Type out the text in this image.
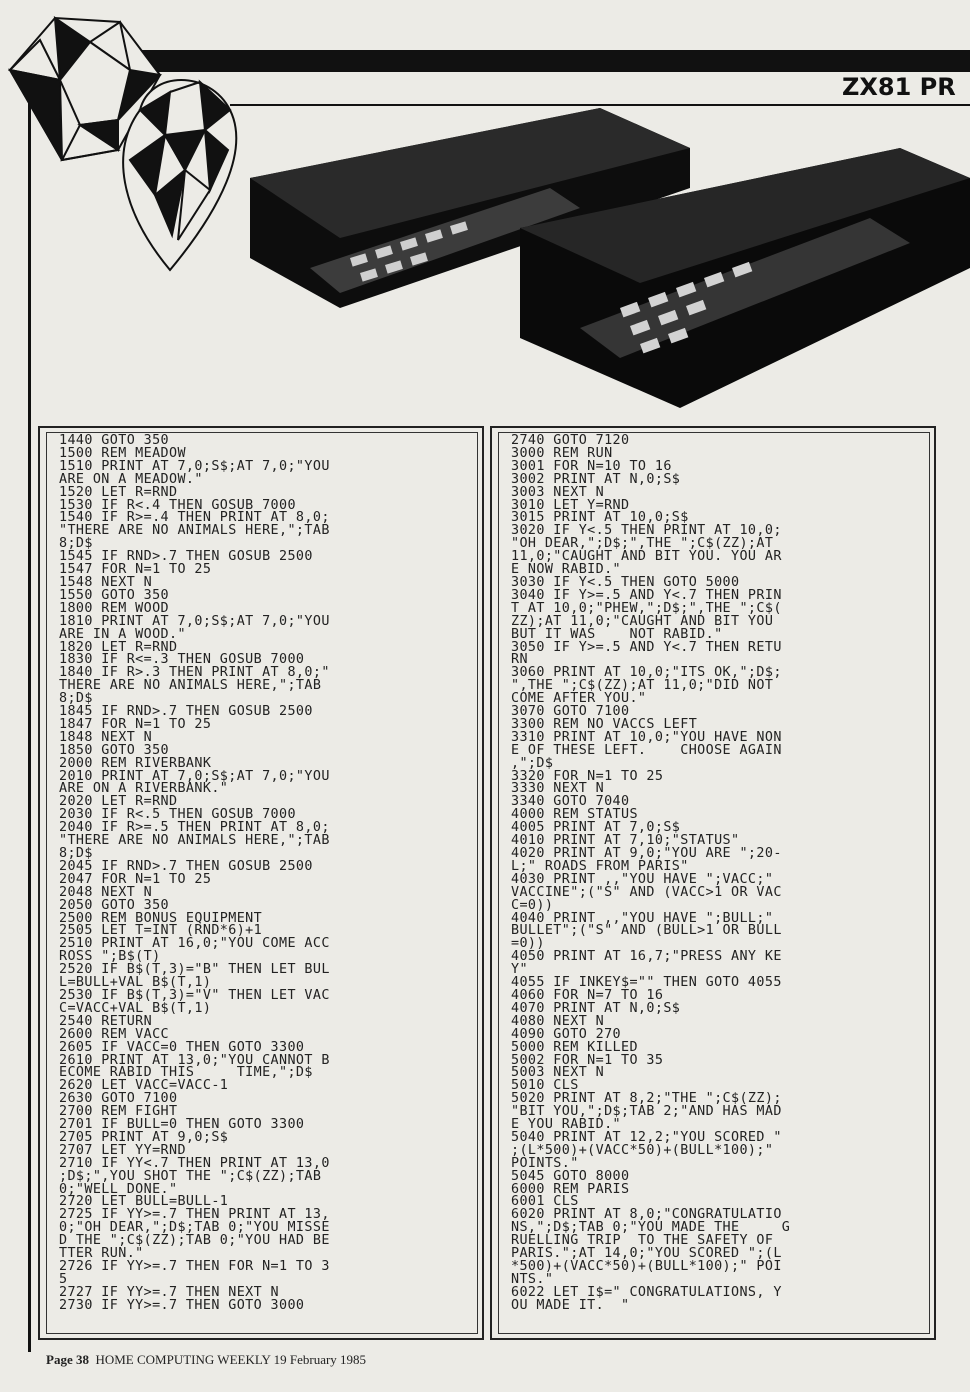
ZX81 PR
1440 GOTO 350
1500 REM MEADOW
1510 PRINT AT 7,0;S$;AT 7,0;"YOU
ARE ON A MEADOW."
1520 LET R=RND
1530 IF R<.4 THEN GOSUB 7000
1540 IF R>=.4 THEN PRINT AT 8,0;
"THERE ARE NO ANIMALS HERE,";TAB
8;D$
1545 IF RND>.7 THEN GOSUB 2500
1547 FOR N=1 TO 25
1548 NEXT N
1550 GOTO 350
1800 REM WOOD
1810 PRINT AT 7,0;S$;AT 7,0;"YOU
ARE IN A WOOD."
1820 LET R=RND
1830 IF R<=.3 THEN GOSUB 7000
1840 IF R>.3 THEN PRINT AT 8,0;"
THERE ARE NO ANIMALS HERE,";TAB
8;D$
1845 IF RND>.7 THEN GOSUB 2500
1847 FOR N=1 TO 25
1848 NEXT N
1850 GOTO 350
2000 REM RIVERBANK
2010 PRINT AT 7,0;S$;AT 7,0;"YOU
ARE ON A RIVERBANK."
2020 LET R=RND
2030 IF R<.5 THEN GOSUB 7000
2040 IF R>=.5 THEN PRINT AT 8,0;
"THERE ARE NO ANIMALS HERE,";TAB
8;D$
2045 IF RND>.7 THEN GOSUB 2500
2047 FOR N=1 TO 25
2048 NEXT N
2050 GOTO 350
2500 REM BONUS EQUIPMENT
2505 LET T=INT (RND*6)+1
2510 PRINT AT 16,0;"YOU COME ACC
ROSS ";B$(T)
2520 IF B$(T,3)="B" THEN LET BUL
L=BULL+VAL B$(T,1)
2530 IF B$(T,3)="V" THEN LET VAC
C=VACC+VAL B$(T,1)
2540 RETURN
2600 REM VACC
2605 IF VACC=0 THEN GOTO 3300
2610 PRINT AT 13,0;"YOU CANNOT B
ECOME RABID THIS     TIME,";D$
2620 LET VACC=VACC-1
2630 GOTO 7100
2700 REM FIGHT
2701 IF BULL=0 THEN GOTO 3300
2705 PRINT AT 9,0;S$
2707 LET YY=RND
2710 IF YY<.7 THEN PRINT AT 13,0
;D$;",YOU SHOT THE ";C$(ZZ);TAB
0;"WELL DONE."
2720 LET BULL=BULL-1
2725 IF YY>=.7 THEN PRINT AT 13,
0;"OH DEAR,";D$;TAB 0;"YOU MISSE
D THE ";C$(ZZ);TAB 0;"YOU HAD BE
TTER RUN."
2726 IF YY>=.7 THEN FOR N=1 TO 3
5
2727 IF YY>=.7 THEN NEXT N
2730 IF YY>=.7 THEN GOTO 3000
2740 GOTO 7120
3000 REM RUN
3001 FOR N=10 TO 16
3002 PRINT AT N,0;S$
3003 NEXT N
3010 LET Y=RND
3015 PRINT AT 10,0;S$
3020 IF Y<.5 THEN PRINT AT 10,0;
"OH DEAR,";D$;",THE ";C$(ZZ);AT
11,0;"CAUGHT AND BIT YOU. YOU AR
E NOW RABID."
3030 IF Y<.5 THEN GOTO 5000
3040 IF Y>=.5 AND Y<.7 THEN PRIN
T AT 10,0;"PHEW,";D$;",THE ";C$(
ZZ);AT 11,0;"CAUGHT AND BIT YOU
BUT IT WAS    NOT RABID."
3050 IF Y>=.5 AND Y<.7 THEN RETU
RN
3060 PRINT AT 10,0;"ITS OK,";D$;
",THE ";C$(ZZ);AT 11,0;"DID NOT
COME AFTER YOU."
3070 GOTO 7100
3300 REM NO VACCS LEFT
3310 PRINT AT 10,0;"YOU HAVE NON
E OF THESE LEFT.    CHOOSE AGAIN
,";D$
3320 FOR N=1 TO 25
3330 NEXT N
3340 GOTO 7040
4000 REM STATUS
4005 PRINT AT 7,0;S$
4010 PRINT AT 7,10;"STATUS"
4020 PRINT AT 9,0;"YOU ARE ";20-
L;" ROADS FROM PARIS"
4030 PRINT ,,"YOU HAVE ";VACC;"
VACCINE";("S" AND (VACC>1 OR VAC
C=0))
4040 PRINT ,,"YOU HAVE ";BULL;"
BULLET";("S" AND (BULL>1 OR BULL
=0))
4050 PRINT AT 16,7;"PRESS ANY KE
Y"
4055 IF INKEY$="" THEN GOTO 4055
4060 FOR N=7 TO 16
4070 PRINT AT N,0;S$
4080 NEXT N
4090 GOTO 270
5000 REM KILLED
5002 FOR N=1 TO 35
5003 NEXT N
5010 CLS
5020 PRINT AT 8,2;"THE ";C$(ZZ);
"BIT YOU,";D$;TAB 2;"AND HAS MAD
E YOU RABID."
5040 PRINT AT 12,2;"YOU SCORED "
;(L*500)+(VACC*50)+(BULL*100);"
POINTS."
5045 GOTO 8000
6000 REM PARIS
6001 CLS
6020 PRINT AT 8,0;"CONGRATULATIO
NS,";D$;TAB 0;"YOU MADE THE     G
RUELLING TRIP  TO THE SAFETY OF
PARIS.";AT 14,0;"YOU SCORED ";(L
*500)+(VACC*50)+(BULL*100);" POI
NTS."
6022 LET I$=" CONGRATULATIONS, Y
OU MADE IT.  "
Page 38 HOME COMPUTING WEEKLY 19 February 1985
